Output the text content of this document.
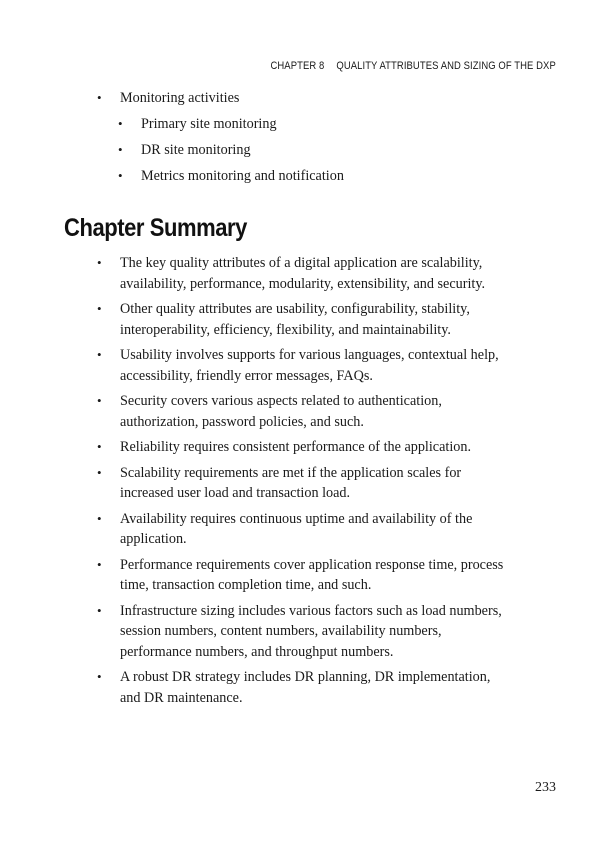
CHAPTER 8 QUALITY ATTRIBUTES AND SIZING OF THE DXP
• Monitoring activities
• Primary site monitoring
• DR site monitoring
• Metrics monitoring and notification
Chapter Summary
• The key quality attributes of a digital application are scalability, availability, performance, modularity, extensibility, and security.
• Other quality attributes are usability, configurability, stability, interoperability, efficiency, flexibility, and maintainability.
• Usability involves supports for various languages, contextual help, accessibility, friendly error messages, FAQs.
• Security covers various aspects related to authentication, authorization, password policies, and such.
• Reliability requires consistent performance of the application.
• Scalability requirements are met if the application scales for increased user load and transaction load.
• Availability requires continuous uptime and availability of the application.
• Performance requirements cover application response time, process time, transaction completion time, and such.
• Infrastructure sizing includes various factors such as load numbers, session numbers, content numbers, availability numbers, performance numbers, and throughput numbers.
• A robust DR strategy includes DR planning, DR implementation, and DR maintenance.
233
